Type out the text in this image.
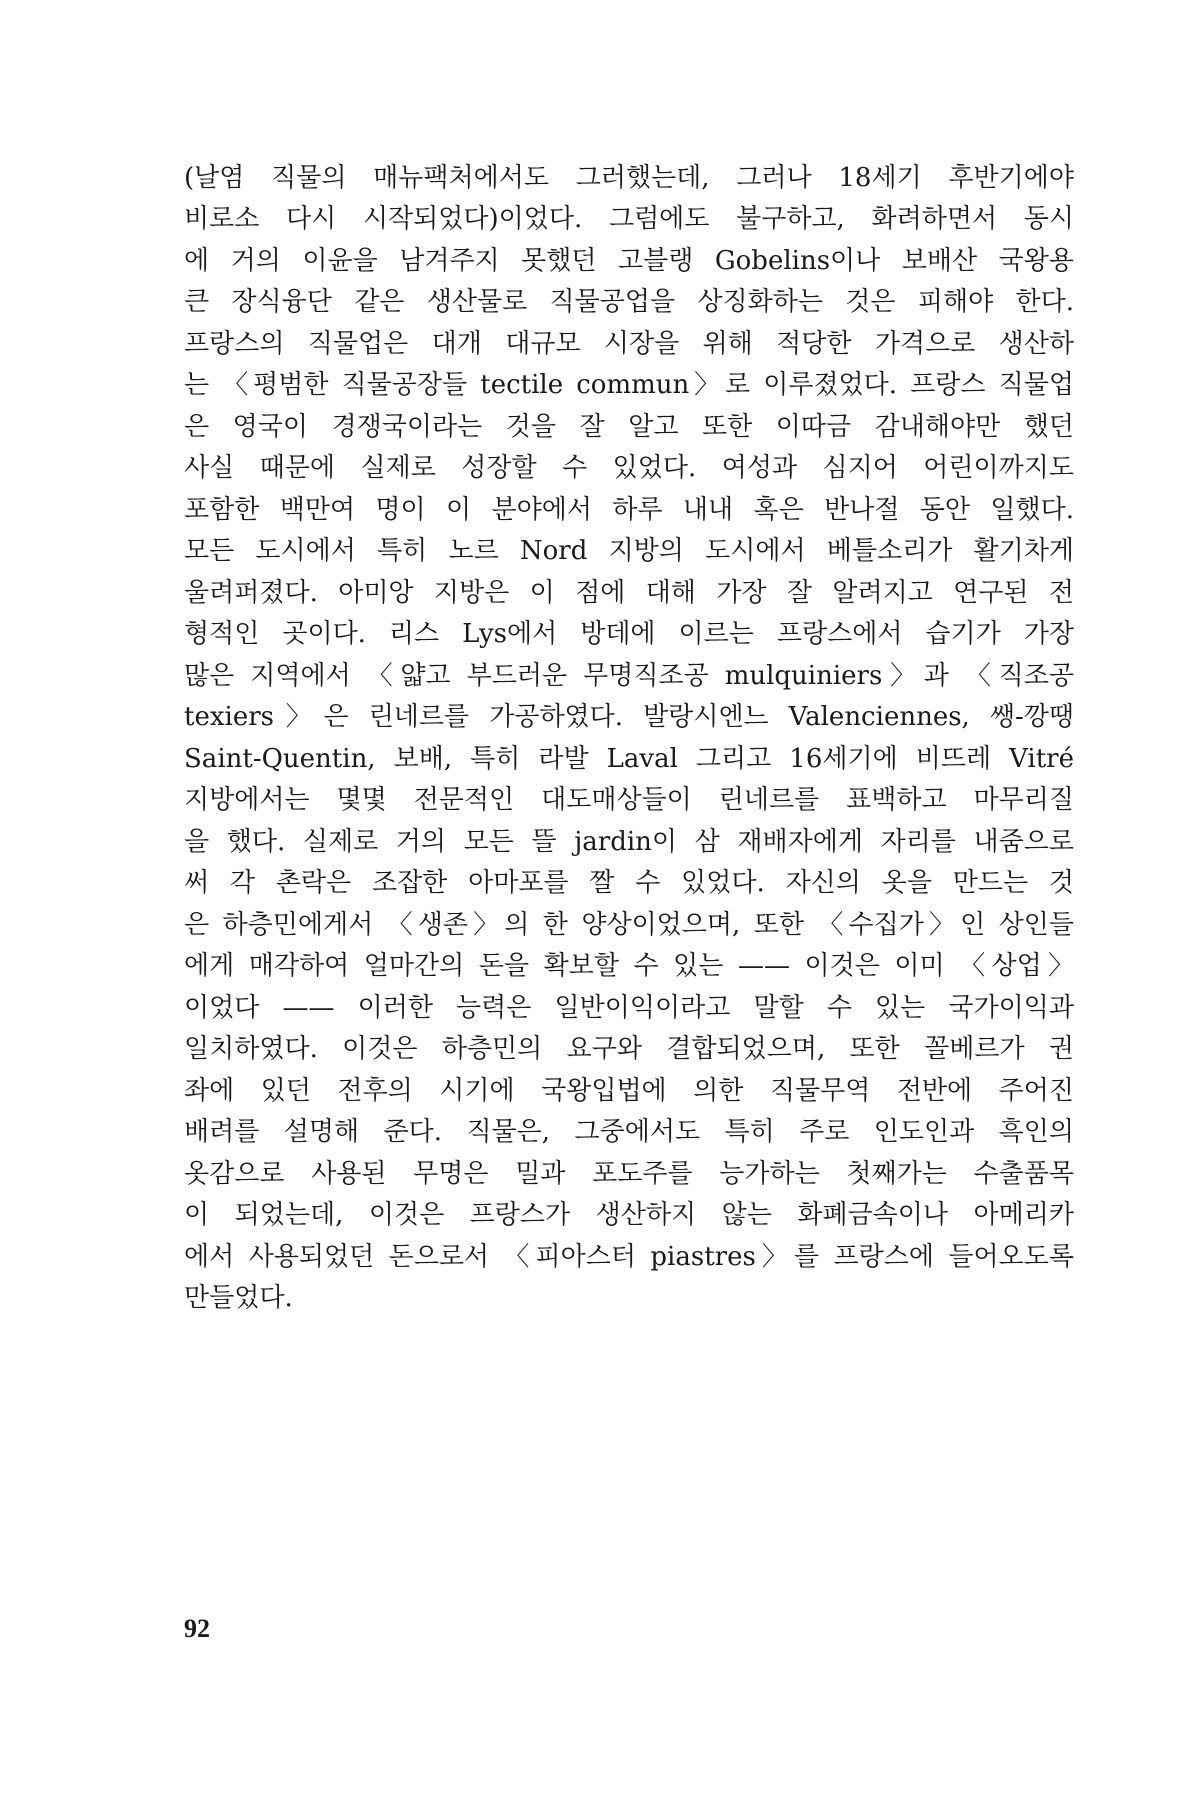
(날염 직물의 매뉴팩처에서도 그러했는데, 그러나 18세기 후반기에야

비로소 다시 시작되었다)이었다. 그럼에도 불구하고, 화려하면서 동시

에 거의 이윤을 남겨주지 못했던 고블랭 Gobelins이나 보배산 국왕용

큰 장식융단 같은 생산물로 직물공업을 상징화하는 것은 피해야 한다.

프랑스의 직물업은 대개 대규모 시장을 위해 적당한 가격으로 생산하

는 〈평범한 직물공장들 tectile commun〉로 이루졌었다. 프랑스 직물업

은 영국이 경쟁국이라는 것을 잘 알고 또한 이따금 감내해야만 했던

사실 때문에 실제로 성장할 수 있었다. 여성과 심지어 어린이까지도

포함한 백만여 명이 이 분야에서 하루 내내 혹은 반나절 동안 일했다.

모든 도시에서 특히 노르 Nord 지방의 도시에서 베틀소리가 활기차게

울려퍼졌다. 아미앙 지방은 이 점에 대해 가장 잘 알려지고 연구된 전

형적인 곳이다. 리스 Lys에서 방데에 이르는 프랑스에서 습기가 가장

많은 지역에서 〈얇고 부드러운 무명직조공 mulquiniers〉과 〈직조공

texiers〉은 린네르를 가공하였다. 발랑시엔느 Valenciennes, 쌩-깡땡

Saint-Quentin, 보배, 특히 라발 Laval 그리고 16세기에 비뜨레 Vitré

지방에서는 몇몇 전문적인 대도매상들이 린네르를 표백하고 마무리질

을 했다. 실제로 거의 모든 뜰 jardin이 삼 재배자에게 자리를 내줌으로

써 각 촌락은 조잡한 아마포를 짤 수 있었다. 자신의 옷을 만드는 것

은 하층민에게서 〈생존〉의 한 양상이었으며, 또한 〈수집가〉인 상인들

에게 매각하여 얼마간의 돈을 확보할 수 있는 —— 이것은 이미 〈상업〉

이었다 —— 이러한 능력은 일반이익이라고 말할 수 있는 국가이익과

일치하였다. 이것은 하층민의 요구와 결합되었으며, 또한 꼴베르가 권

좌에 있던 전후의 시기에 국왕입법에 의한 직물무역 전반에 주어진

배려를 설명해 준다. 직물은, 그중에서도 특히 주로 인도인과 흑인의

옷감으로 사용된 무명은 밀과 포도주를 능가하는 첫째가는 수출품목

이 되었는데, 이것은 프랑스가 생산하지 않는 화폐금속이나 아메리카

에서 사용되었던 돈으로서 〈피아스터 piastres〉를 프랑스에 들어오도록

만들었다.

92
